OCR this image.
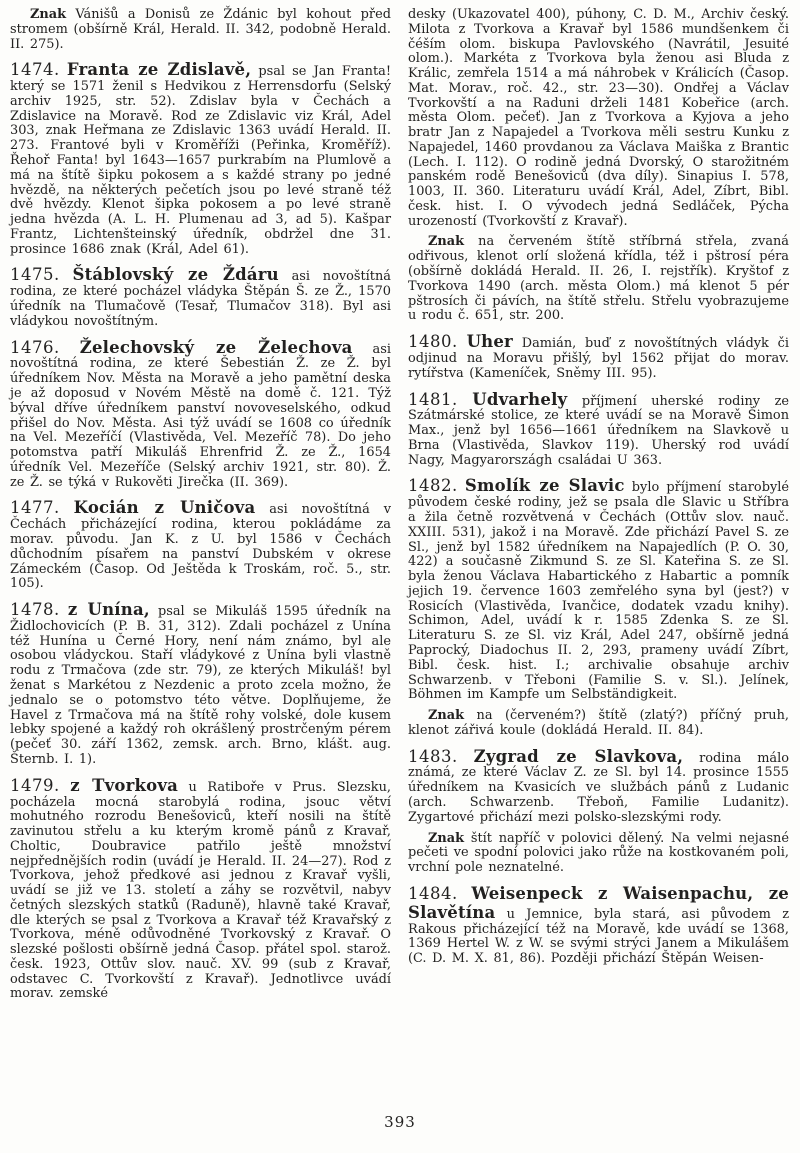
Znak Vánišů a Donisů ze Ždánic byl kohout před stromem (obšírně Král, Herald. II. 342, podobně Herald. II. 275).

1474. Franta ze Zdislavě, psal se Jan Franta! který se 1571 ženil s Hedvikou z Herrensdorfu (Selský archiv 1925, str. 52). Zdislav byla v Čechách a Zdislavice na Moravě. Rod ze Zdislavic viz Král, Adel 303, znak Heřmana ze Zdislavic 1363 uvádí Herald. II. 273. Frantové byli v Kroměříži (Peřinka, Kroměříž). Řehoř Fanta! byl 1643—1657 purkrabím na Plumlově a má na štítě šipku pokosem a s každé strany po jedné hvězdě, na některých pečetích jsou po levé straně též dvě hvězdy. Klenot šipka pokosem a po levé straně jedna hvězda (A. L. H. Plumenau ad 3, ad 5). Kašpar Frantz, Lichtenšteinský úředník, obdržel dne 31. prosince 1686 znak (Král, Adel 61).

1475. Štáblovský ze Ždáru asi novoštítná rodina, ze které pocházel vládyka Štěpán Š. ze Ž., 1570 úředník na Tlumačově (Tesař, Tlumačov 318). Byl asi vládykou novoštítným.

1476. Želechovský ze Želechova asi novoštítná rodina, ze které Šebestián Ž. ze Ž. byl úředníkem Nov. Města na Moravě a jeho pamětní deska je až doposud v Novém Městě na domě č. 121. Týž býval dříve úředníkem panství novoveselského, odkud přišel do Nov. Města. Asi týž uvádí se 1608 co úředník na Vel. Mezeříčí (Vlastivěda, Vel. Mezeříč 78). Do jeho potomstva patří Mikuláš Ehrenfrid Ž. ze Ž., 1654 úředník Vel. Mezeříče (Selský archiv 1921, str. 80). Ž. ze Ž. se týká v Rukověti Jirečka (II. 369).

1477. Kocián z Uničova asi novoštítná v Čechách přicházející rodina, kterou pokládáme za morav. původu. Jan K. z U. byl 1586 v Čechách důchodním písařem na panství Dubském v okrese Zámeckém (Časop. Od Ještěda k Troskám, roč. 5., str. 105).

1478. z Unína, psal se Mikuláš 1595 úředník na Židlochovicích (P. B. 31, 312). Zdali pocházel z Unína též Hunína u Černé Hory, není nám známo, byl ale osobou vládyckou. Staří vládykové z Unína byli vlastně rodu z Trmačova (zde str. 79), ze kterých Mikuláš! byl ženat s Markétou z Nezdenic a proto zcela možno, že jednalo se o potomstvo této větve. Doplňujeme, že Havel z Trmačova má na štítě rohy volské, dole kusem lebky spojené a každý roh okrášlený prostrčeným pérem (pečeť 30. září 1362, zemsk. arch. Brno, klášt. aug. Šternb. I. 1).

1479. z Tvorkova u Ratiboře v Prus. Slezsku, pocházela mocná starobylá rodina, jsouc větví mohutného rozrodu Benešoviců, kteří nosili na štítě zavinutou střelu a ku kterým kromě pánů z Kravař, Choltic, Doubravice patřilo ještě množství nejpřednějších rodin (uvádí je Herald. II. 24—27). Rod z Tvorkova, jehož předkové asi jednou z Kravař vyšli, uvádí se již ve 13. století a záhy se rozvětvil, nabyv četných slezských statků (Raduně), hlavně také Kravař, dle kterých se psal z Tvorkova a Kravař též Kravařský z Tvorkova, méně odůvodněné Tvorkovský z Kravař. O slezské pošlosti obšírně jedná Časop. přátel spol. starož. česk. 1923, Ottův slov. nauč. XV. 99 (sub z Kravař, odstavec C. Tvorkovští z Kravař). Jednotlivce uvádí morav. zemské

desky (Ukazovatel 400), púhony, C. D. M., Archiv český. Milota z Tvorkova a Kravař byl 1586 mundšenkem či čéším olom. biskupa Pavlovského (Navrátil, Jesuité olom.). Markéta z Tvorkova byla ženou asi Bluda z Králic, zemřela 1514 a má náhrobek v Králicích (Časop. Mat. Morav., roč. 42., str. 23—30). Ondřej a Václav Tvorkovští a na Raduni drželi 1481 Kobeřice (arch. města Olom. pečeť). Jan z Tvorkova a Kyjova a jeho bratr Jan z Napajedel a Tvorkova měli sestru Kunku z Napajedel, 1460 provdanou za Václava Maiška z Brantic (Lech. I. 112). O rodině jedná Dvorský, O starožitném panském rodě Benešoviců (dva díly). Sinapius I. 578, 1003, II. 360. Literaturu uvádí Král, Adel, Zíbrt, Bibl. česk. hist. I. O vývodech jedná Sedláček, Pýcha urozeností (Tvorkovští z Kravař).

Znak na červeném štítě stříbrná střela, zvaná odřivous, klenot orlí složená křídla, též i pštrosí péra (obšírně dokládá Herald. II. 26, I. rejstřík). Kryštof z Tvorkova 1490 (arch. města Olom.) má klenot 5 pér pštrosích či pávích, na štítě střelu. Střelu vyobrazujeme u rodu č. 651, str. 200.

1480. Uher Damián, buď z novoštítných vládyk či odjinud na Moravu přišlý, byl 1562 přijat do morav. rytířstva (Kameníček, Sněmy III. 95).

1481. Udvarhely příjmení uherské rodiny ze Szátmárské stolice, ze které uvádí se na Moravě Šimon Max., jenž byl 1656—1661 úředníkem na Slavkově u Brna (Vlastivěda, Slavkov 119). Uherský rod uvádí Nagy, Magyarországh családai U 363.

1482. Smolík ze Slavic bylo příjmení starobylé původem české rodiny, jež se psala dle Slavic u Stříbra a žila četně rozvětvená v Čechách (Ottův slov. nauč. XXIII. 531), jakož i na Moravě. Zde přichází Pavel S. ze Sl., jenž byl 1582 úředníkem na Napajedlích (P. O. 30, 422) a současně Zikmund S. ze Sl. Kateřina S. ze Sl. byla ženou Václava Habartického z Habartic a pomník jejich 19. července 1603 zemřelého syna byl (jest?) v Rosicích (Vlastivěda, Ivančice, dodatek vzadu knihy). Schimon, Adel, uvádí k r. 1585 Zdenka S. ze Sl. Literaturu S. ze Sl. viz Král, Adel 247, obšírně jedná Paprocký, Diadochus II. 2, 293, prameny uvádí Zíbrt, Bibl. česk. hist. I.; archivalie obsahuje archiv Schwarzenb. v Třeboni (Familie S. v. Sl.). Jelínek, Böhmen im Kampfe um Selbständigkeit.

Znak na (červeném?) štítě (zlatý?) příčný pruh, klenot zářivá koule (dokládá Herald. II. 84).

1483. Zygrad ze Slavkova, rodina málo známá, ze které Václav Z. ze Sl. byl 14. prosince 1555 úředníkem na Kvasicích ve službách pánů z Ludanic (arch. Schwarzenb. Třeboň, Familie Ludanitz). Zygartové přichází mezi polsko-slezskými rody.

Znak štít napříč v polovici dělený. Na velmi nejasné pečeti ve spodní polovici jako růže na kostkovaném poli, vrchní pole neznatelné.

1484. Weisenpeck z Waisenpachu, ze Slavětína u Jemnice, byla stará, asi původem z Rakous přicházející též na Moravě, kde uvádí se 1368, 1369 Hertel W. z W. se svými strýci Janem a Mikulášem (C. D. M. X. 81, 86). Později přichází Štěpán Weisen-

393
